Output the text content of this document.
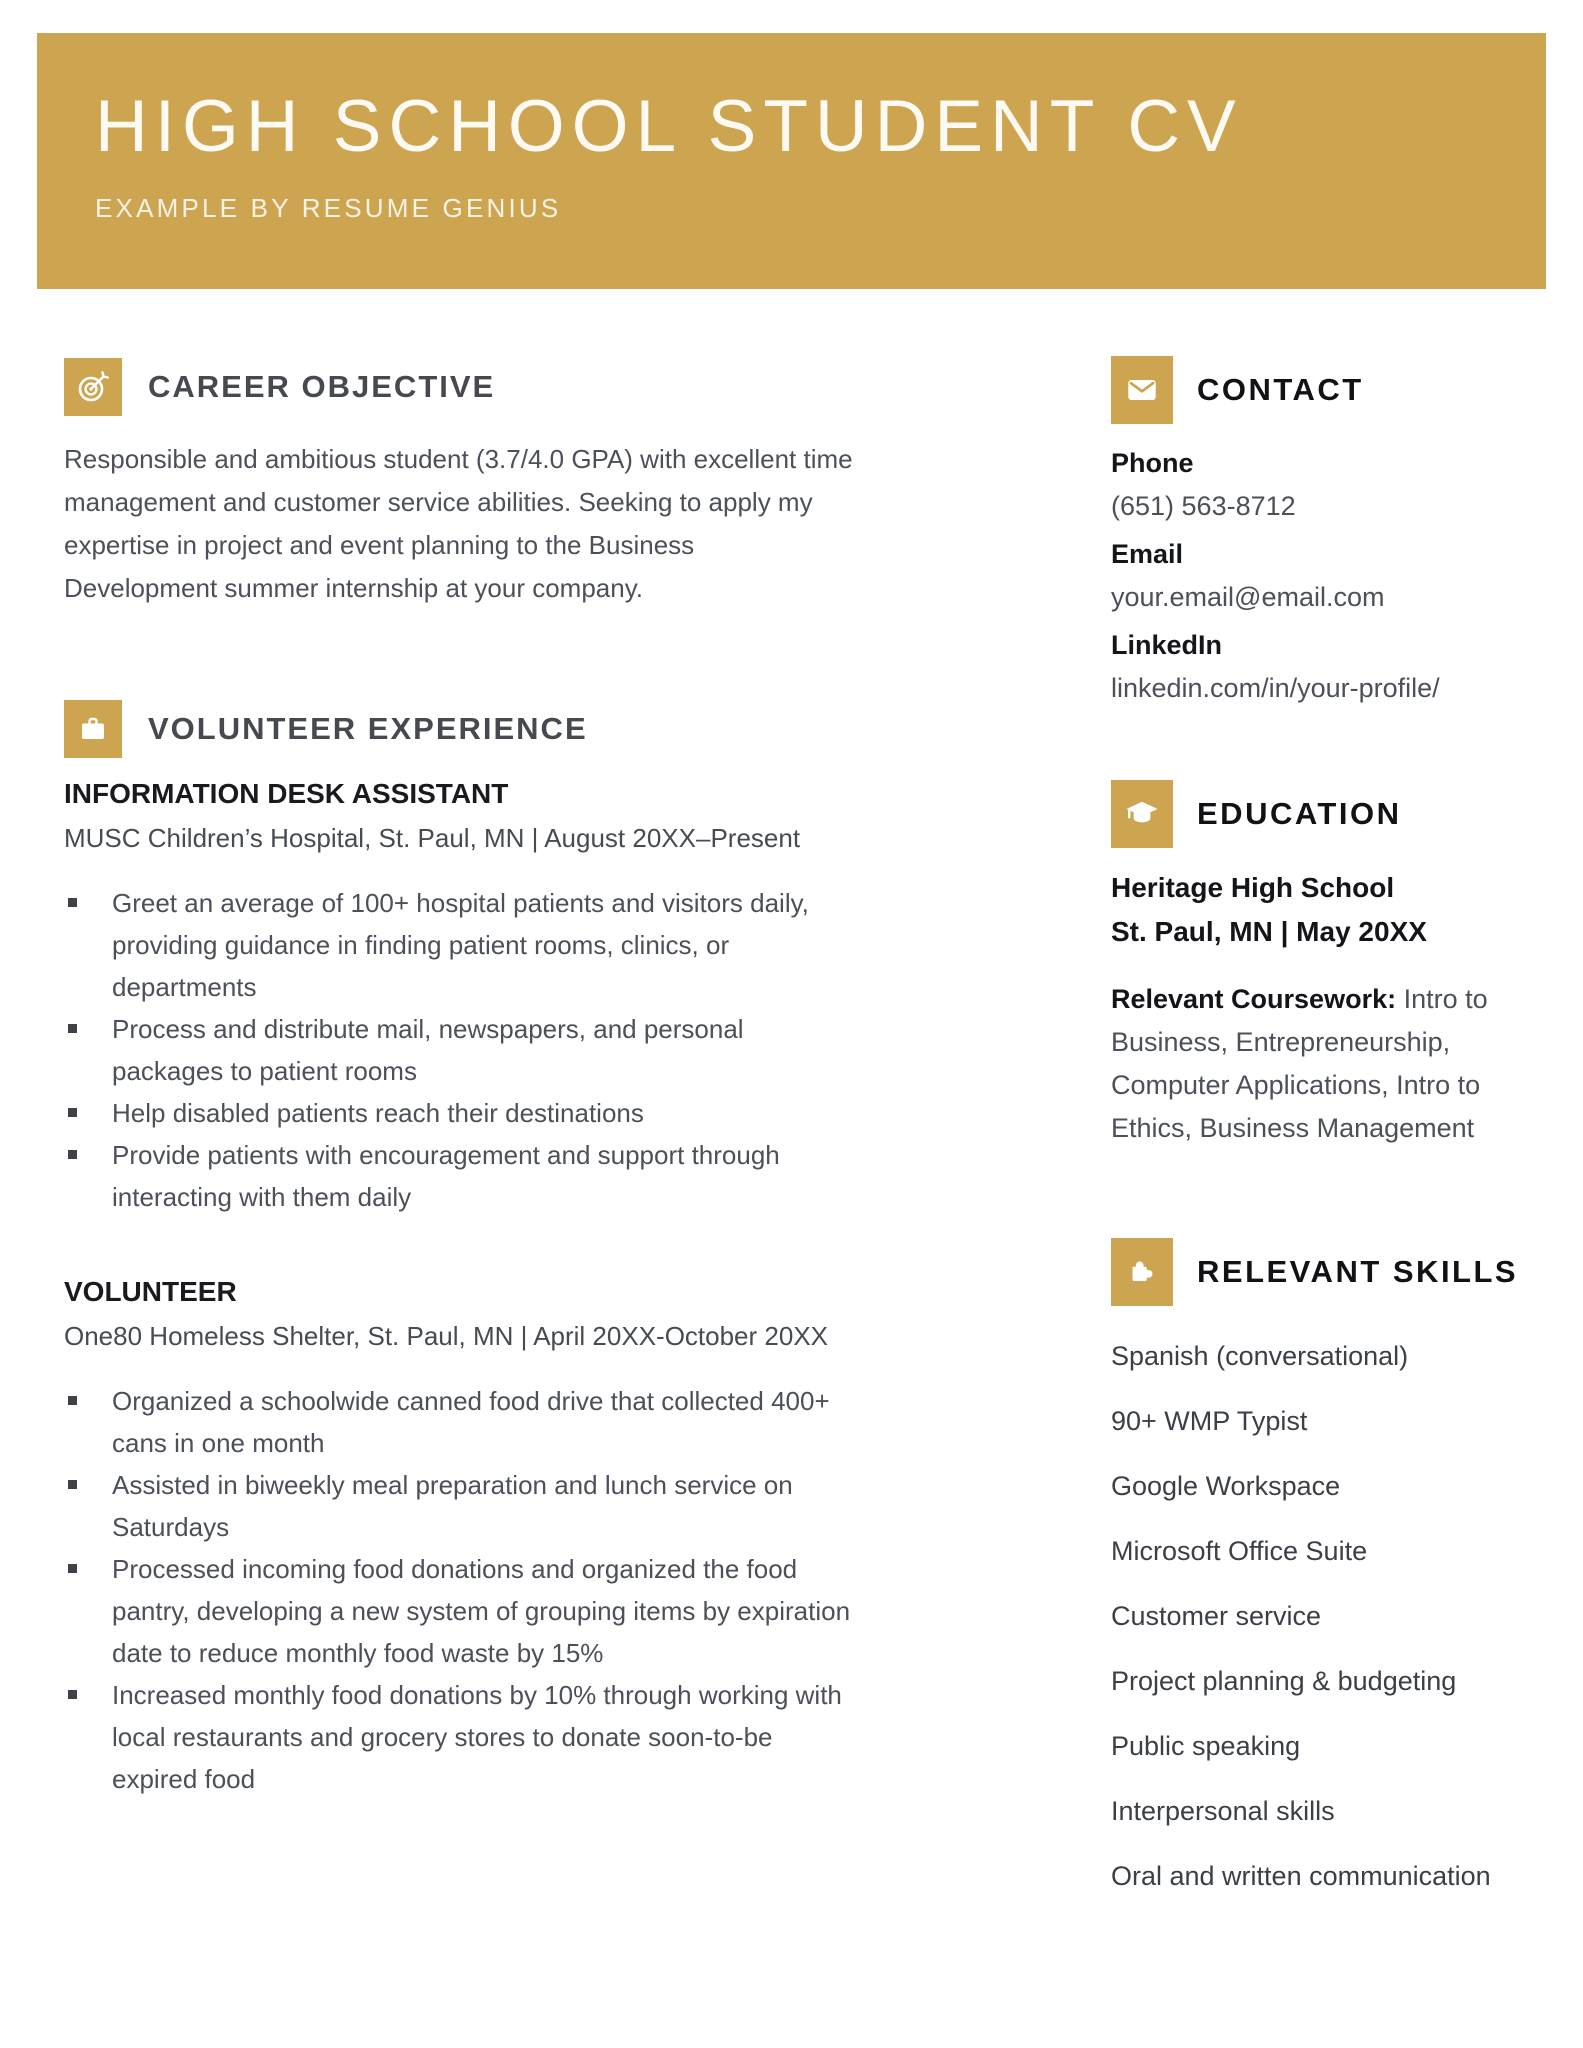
HIGH SCHOOL STUDENT CV
EXAMPLE BY RESUME GENIUS
CAREER OBJECTIVE

Responsible and ambitious student (3.7/4.0 GPA) with excellent time management and customer service abilities. Seeking to apply my expertise in project and event planning to the Business Development summer internship at your company.

VOLUNTEER EXPERIENCE
INFORMATION DESK ASSISTANT
MUSC Children’s Hospital, St. Paul, MN | August 20XX–Present
Greet an average of 100+ hospital patients and visitors daily, providing guidance in finding patient rooms, clinics, or departments
Process and distribute mail, newspapers, and personal packages to patient rooms
Help disabled patients reach their destinations
Provide patients with encouragement and support through interacting with them daily
VOLUNTEER
One80 Homeless Shelter, St. Paul, MN | April 20XX-October 20XX
Organized a schoolwide canned food drive that collected 400+ cans in one month
Assisted in biweekly meal preparation and lunch service on Saturdays
Processed incoming food donations and organized the food pantry, developing a new system of grouping items by expiration date to reduce monthly food waste by 15%
Increased monthly food donations by 10% through working with local restaurants and grocery stores to donate soon-to-be expired food
CONTACT
Phone
(651) 563-8712
Email
your.email@email.com
LinkedIn
linkedin.com/in/your-profile/
EDUCATION

Heritage High School
St. Paul, MN | May 20XX

Relevant Coursework: Intro to Business, Entrepreneurship, Computer Applications, Intro to Ethics, Business Management

RELEVANT SKILLS
Spanish (conversational)
90+ WMP Typist
Google Workspace
Microsoft Office Suite
Customer service
Project planning & budgeting
Public speaking
Interpersonal skills
Oral and written communication
